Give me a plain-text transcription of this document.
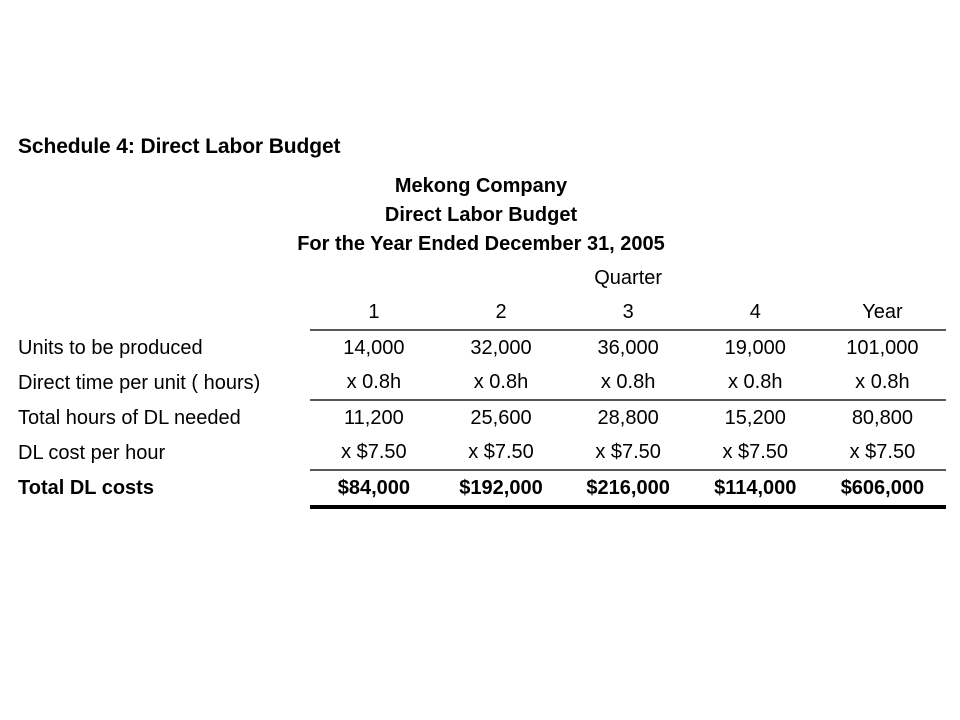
Schedule 4: Direct Labor Budget
Mekong Company
Direct Labor Budget
For the Year Ended December 31, 2005
	Quarter				
	1	2	3	4	Year
Units to be produced	14,000	32,000	36,000	19,000	101,000
Direct time per unit ( hours)	x 0.8h	x 0.8h	x 0.8h	x 0.8h	x 0.8h
Total hours of DL needed	11,200	25,600	28,800	15,200	80,800
DL cost per hour	x $7.50	x $7.50	x $7.50	x $7.50	x $7.50
Total DL costs	$84,000	$192,000	$216,000	$114,000	$606,000
